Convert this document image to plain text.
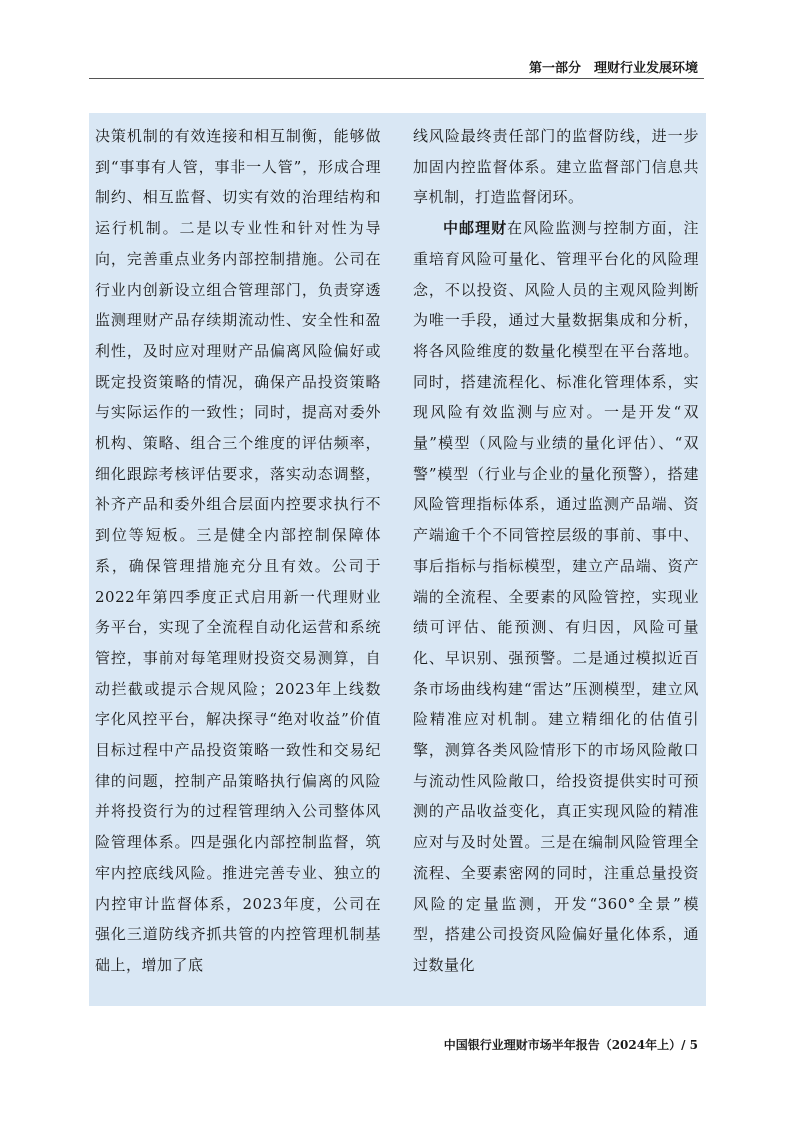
第一部分　理财行业发展环境

决策机制的有效连接和相互制衡，能够做到“事事有人管，事非一人管”，形成合理制约、相互监督、切实有效的治理结构和运行机制。二是以专业性和针对性为导向，完善重点业务内部控制措施。公司在行业内创新设立组合管理部门，负责穿透监测理财产品存续期流动性、安全性和盈利性，及时应对理财产品偏离风险偏好或既定投资策略的情况，确保产品投资策略与实际运作的一致性；同时，提高对委外机构、策略、组合三个维度的评估频率，细化跟踪考核评估要求，落实动态调整，补齐产品和委外组合层面内控要求执行不到位等短板。三是健全内部控制保障体系，确保管理措施充分且有效。公司于2022年第四季度正式启用新一代理财业务平台，实现了全流程自动化运营和系统管控，事前对每笔理财投资交易测算，自动拦截或提示合规风险；2023年上线数字化风控平台，解决探寻“绝对收益”价值目标过程中产品投资策略一致性和交易纪律的问题，控制产品策略执行偏离的风险并将投资行为的过程管理纳入公司整体风险管理体系。四是强化内部控制监督，筑牢内控底线风险。推进完善专业、独立的内控审计监督体系，2023年度，公司在强化三道防线齐抓共管的内控管理机制基础上，增加了底

线风险最终责任部门的监督防线，进一步加固内控监督体系。建立监督部门信息共享机制，打造监督闭环。

中邮理财在风险监测与控制方面，注重培育风险可量化、管理平台化的风险理念，不以投资、风险人员的主观风险判断为唯一手段，通过大量数据集成和分析，将各风险维度的数量化模型在平台落地。同时，搭建流程化、标准化管理体系，实现风险有效监测与应对。一是开发“双量”模型（风险与业绩的量化评估）、“双警”模型（行业与企业的量化预警），搭建风险管理指标体系，通过监测产品端、资产端逾千个不同管控层级的事前、事中、事后指标与指标模型，建立产品端、资产端的全流程、全要素的风险管控，实现业绩可评估、能预测、有归因，风险可量化、早识别、强预警。二是通过模拟近百条市场曲线构建“雷达”压测模型，建立风险精准应对机制。建立精细化的估值引擎，测算各类风险情形下的市场风险敞口与流动性风险敞口，给投资提供实时可预测的产品收益变化，真正实现风险的精准应对与及时处置。三是在编制风险管理全流程、全要素密网的同时，注重总量投资风险的定量监测，开发“360°全景”模型，搭建公司投资风险偏好量化体系，通过数量化

中国银行业理财市场半年报告（2024年上）/ 5
